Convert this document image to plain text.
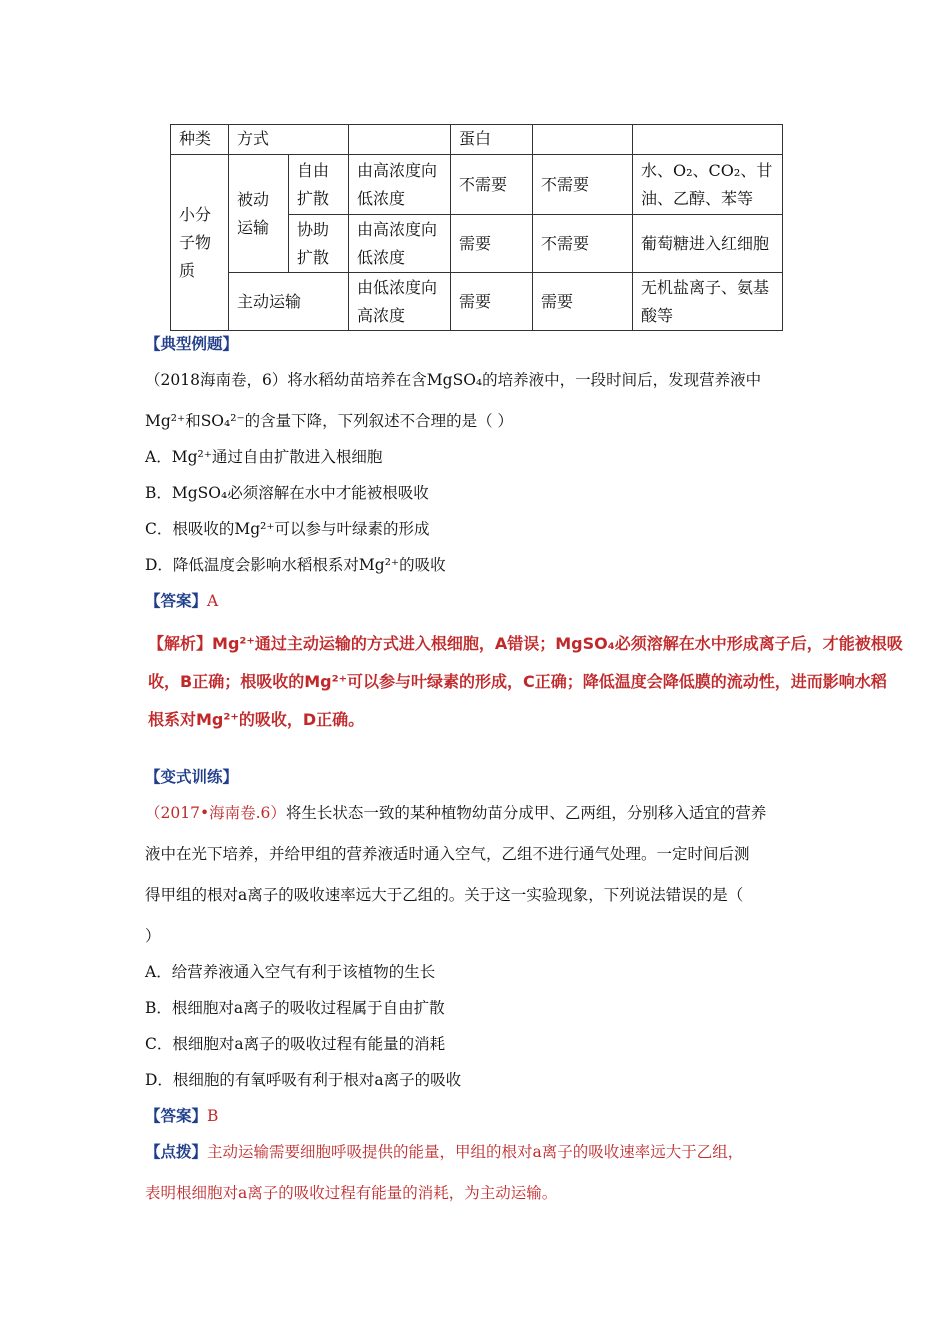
种类	方式			蛋白		
小分子物质	被动运输	自由扩散	由高浓度向低浓度	不需要	不需要	水、O₂、CO₂、甘油、乙醇、苯等
		协助扩散	由高浓度向低浓度	需要	不需要	葡萄糖进入红细胞
	主动运输		由低浓度向高浓度	需要	需要	无机盐离子、氨基酸等
【典型例题】
（2018海南卷，6）将水稻幼苗培养在含MgSO₄的培养液中，一段时间后，发现营养液中
Mg²⁺和SO₄²⁻的含量下降，下列叙述不合理的是（ ）
A．Mg²⁺通过自由扩散进入根细胞
B．MgSO₄必须溶解在水中才能被根吸收
C．根吸收的Mg²⁺可以参与叶绿素的形成
D．降低温度会影响水稻根系对Mg²⁺的吸收
【答案】A
【解析】Mg²⁺通过主动运输的方式进入根细胞，A错误；MgSO₄必须溶解在水中形成离子后，才能被根吸
收，B正确；根吸收的Mg²⁺可以参与叶绿素的形成，C正确；降低温度会降低膜的流动性，进而影响水稻
根系对Mg²⁺的吸收，D正确。
【变式训练】
（2017•海南卷.6）将生长状态一致的某种植物幼苗分成甲、乙两组，分别移入适宜的营养
液中在光下培养，并给甲组的营养液适时通入空气，乙组不进行通气处理。一定时间后测
得甲组的根对a离子的吸收速率远大于乙组的。关于这一实验现象，下列说法错误的是（
）
A．给营养液通入空气有利于该植物的生长
B．根细胞对a离子的吸收过程属于自由扩散
C．根细胞对a离子的吸收过程有能量的消耗
D．根细胞的有氧呼吸有利于根对a离子的吸收
【答案】B
【点拨】主动运输需要细胞呼吸提供的能量，甲组的根对a离子的吸收速率远大于乙组，
表明根细胞对a离子的吸收过程有能量的消耗，为主动运输。
